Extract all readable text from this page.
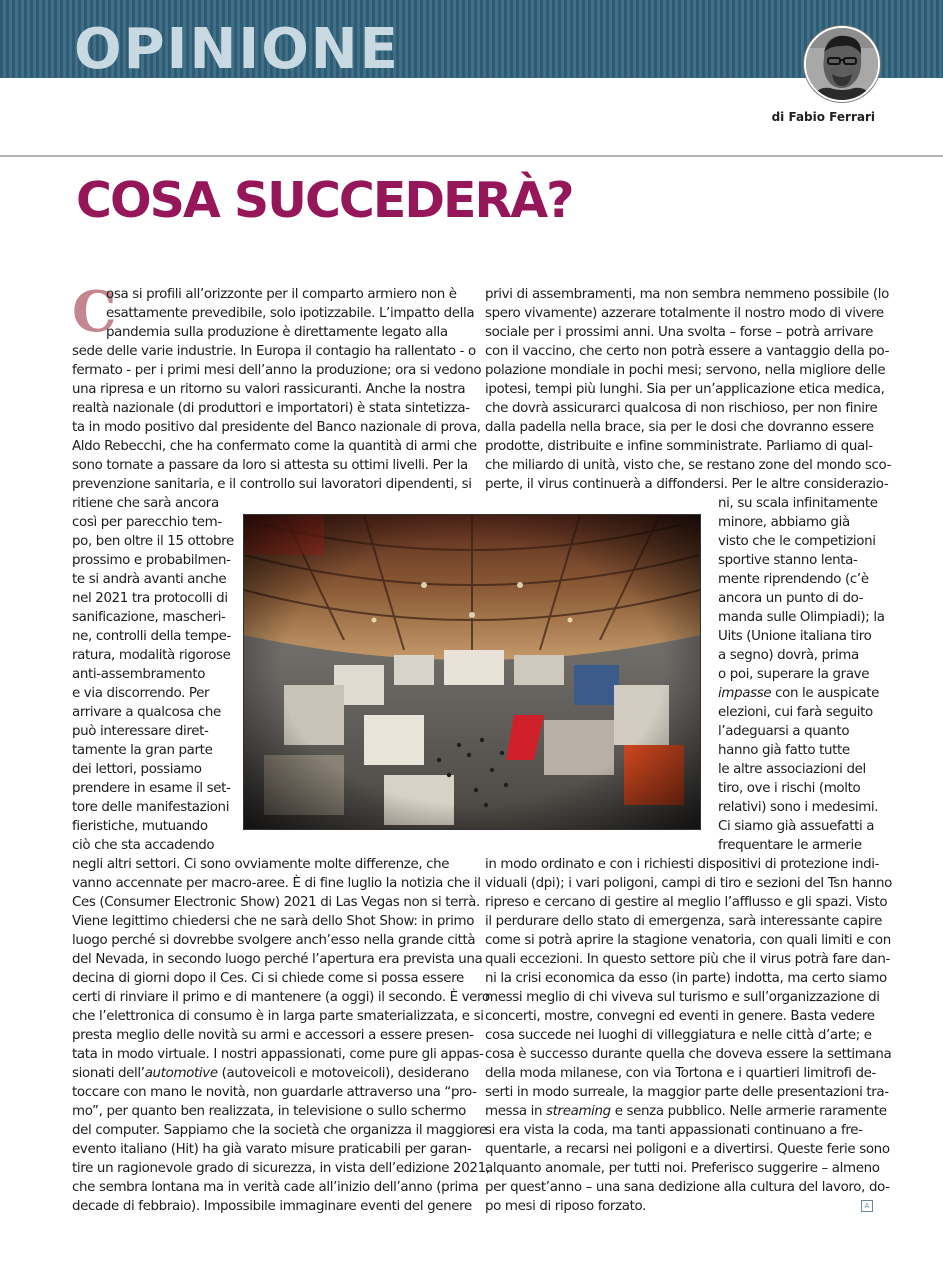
OPINIONE
di Fabio Ferrari
COSA SUCCEDERÀ?
C

osa si profili all’orizzonte per il comparto armiero non è

esattamente prevedibile, solo ipotizzabile. L’impatto della

pandemia sulla produzione è direttamente legato alla

sede delle varie industrie. In Europa il contagio ha rallentato - o

fermato - per i primi mesi dell’anno la produzione; ora si vedono

una ripresa e un ritorno su valori rassicuranti. Anche la nostra

realtà nazionale (di produttori e importatori) è stata sintetizza-

ta in modo positivo dal presidente del Banco nazionale di prova,

Aldo Rebecchi, che ha confermato come la quantità di armi che

sono tornate a passare da loro si attesta su ottimi livelli. Per la

prevenzione sanitaria, e il controllo sui lavoratori dipendenti, si

ritiene che sarà ancora

così per parecchio tem-

po, ben oltre il 15 ottobre

prossimo e probabilmen-

te si andrà avanti anche

nel 2021 tra protocolli di

sanificazione, mascheri-

ne, controlli della tempe-

ratura, modalità rigorose

anti-assembramento

e via discorrendo. Per

arrivare a qualcosa che

può interessare diret-

tamente la gran parte

dei lettori, possiamo

prendere in esame il set-

tore delle manifestazioni

fieristiche, mutuando

ciò che sta accadendo

negli altri settori. Ci sono ovviamente molte differenze, che

vanno accennate per macro-aree. È di fine luglio la notizia che il

Ces (Consumer Electronic Show) 2021 di Las Vegas non si terrà.

Viene legittimo chiedersi che ne sarà dello Shot Show: in primo

luogo perché si dovrebbe svolgere anch’esso nella grande città

del Nevada, in secondo luogo perché l’apertura era prevista una

decina di giorni dopo il Ces. Ci si chiede come si possa essere

certi di rinviare il primo e di mantenere (a oggi) il secondo. È vero

che l’elettronica di consumo è in larga parte smaterializzata, e si

presta meglio delle novità su armi e accessori a essere presen-

tata in modo virtuale. I nostri appassionati, come pure gli appas-

sionati dell’automotive (autoveicoli e motoveicoli), desiderano

toccare con mano le novità, non guardarle attraverso una “pro-

mo”, per quanto ben realizzata, in televisione o sullo schermo

del computer. Sappiamo che la società che organizza il maggiore

evento italiano (Hit) ha già varato misure praticabili per garan-

tire un ragionevole grado di sicurezza, in vista dell’edizione 2021,

che sembra lontana ma in verità cade all’inizio dell’anno (prima

decade di febbraio). Impossibile immaginare eventi del genere

privi di assembramenti, ma non sembra nemmeno possibile (lo

spero vivamente) azzerare totalmente il nostro modo di vivere

sociale per i prossimi anni. Una svolta – forse – potrà arrivare

con il vaccino, che certo non potrà essere a vantaggio della po-

polazione mondiale in pochi mesi; servono, nella migliore delle

ipotesi, tempi più lunghi. Sia per un’applicazione etica medica,

che dovrà assicurarci qualcosa di non rischioso, per non finire

dalla padella nella brace, sia per le dosi che dovranno essere

prodotte, distribuite e infine somministrate. Parliamo di qual-

che miliardo di unità, visto che, se restano zone del mondo sco-

perte, il virus continuerà a diffondersi. Per le altre considerazio-

ni, su scala infinitamente

minore, abbiamo già

visto che le competizioni

sportive stanno lenta-

mente riprendendo (c’è

ancora un punto di do-

manda sulle Olimpiadi); la

Uits (Unione italiana tiro

a segno) dovrà, prima

o poi, superare la grave

impasse con le auspicate

elezioni, cui farà seguito

l’adeguarsi a quanto

hanno già fatto tutte

le altre associazioni del

tiro, ove i rischi (molto

relativi) sono i medesimi.

Ci siamo già assuefatti a

frequentare le armerie

in modo ordinato e con i richiesti dispositivi di protezione indi-

viduali (dpi); i vari poligoni, campi di tiro e sezioni del Tsn hanno

ripreso e cercano di gestire al meglio l’afflusso e gli spazi. Visto

il perdurare dello stato di emergenza, sarà interessante capire

come si potrà aprire la stagione venatoria, con quali limiti e con

quali eccezioni. In questo settore più che il virus potrà fare dan-

ni la crisi economica da esso (in parte) indotta, ma certo siamo

messi meglio di chi viveva sul turismo e sull’organizzazione di

concerti, mostre, convegni ed eventi in genere. Basta vedere

cosa succede nei luoghi di villeggiatura e nelle città d’arte; e

cosa è successo durante quella che doveva essere la settimana

della moda milanese, con via Tortona e i quartieri limitrofi de-

serti in modo surreale, la maggior parte delle presentazioni tra-

messa in streaming e senza pubblico. Nelle armerie raramente

si era vista la coda, ma tanti appassionati continuano a fre-

quentarle, a recarsi nei poligoni e a divertirsi. Queste ferie sono

alquanto anomale, per tutti noi. Preferisco suggerire – almeno

per quest’anno – una sana dedizione alla cultura del lavoro, do-

po mesi di riposo forzato.	A
